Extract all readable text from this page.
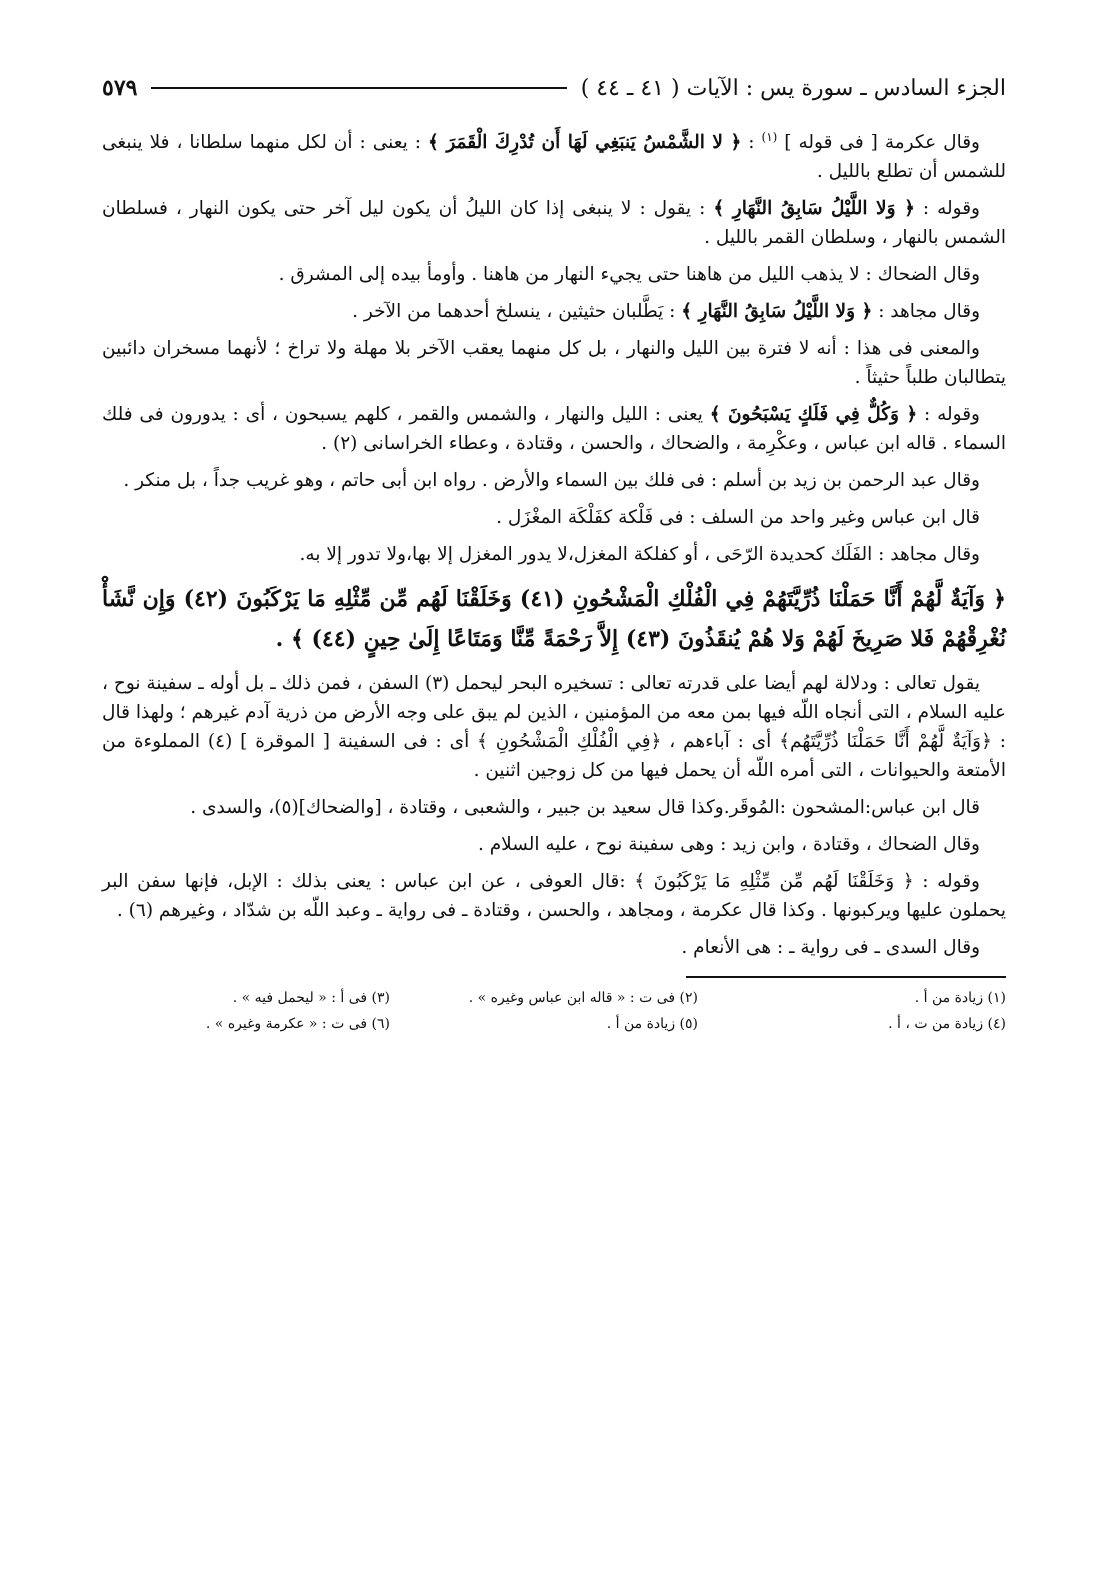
الجزء السادس ـ سورة يس : الآيات ( ٤١ ـ ٤٤ )
٥٧٩

وقال عكرمة [ فى قوله ] $^{(١)}$ : ﴿ لا الشَّمْسُ يَنبَغِي لَهَا أَن تُدْرِكَ الْقَمَرَ ﴾ : يعنى : أن لكل منهما سلطانا ، فلا ينبغى للشمس أن تطلع بالليل .

وقوله : ﴿ وَلا اللَّيْلُ سَابِقُ النَّهَارِ ﴾ : يقول : لا ينبغى إذا كان الليلُ أن يكون ليل آخر حتى يكون النهار ، فسلطان الشمس بالنهار ، وسلطان القمر بالليل .

وقال الضحاك : لا يذهب الليل من هاهنا حتى يجيء النهار من هاهنا . وأومأ بيده إلى المشرق .

وقال مجاهد : ﴿ وَلا اللَّيْلُ سَابِقُ النَّهَارِ ﴾ : يَطَّلبان حثيثين ، ينسلخ أحدهما من الآخر .

والمعنى فى هذا : أنه لا فترة بين الليل والنهار ، بل كل منهما يعقب الآخر بلا مهلة ولا تراخ ؛ لأنهما مسخران دائبين يتطالبان طلباً حثيثاً .

وقوله : ﴿ وَكُلٌّ فِي فَلَكٍ يَسْبَحُونَ ﴾ يعنى : الليل والنهار ، والشمس والقمر ، كلهم يسبحون ، أى : يدورون فى فلك السماء . قاله ابن عباس ، وعكْرِمة ، والضحاك ، والحسن ، وقتادة ، وعطاء الخراسانى (٢) .

وقال عبد الرحمن بن زيد بن أسلم : فى فلك بين السماء والأرض . رواه ابن أبى حاتم ، وهو غريب جداً ، بل منكر .

قال ابن عباس وغير واحد من السلف : فى فَلْكة كفَلْكَة المغْزَل .

وقال مجاهد : الفَلَك كحديدة الرّحَى ، أو كفلكة المغزل،لا يدور المغزل إلا بها،ولا تدور إلا به.

﴿ وَآيَةٌ لَّهُمْ أَنَّا حَمَلْنَا ذُرِّيَّتَهُمْ فِي الْفُلْكِ الْمَشْحُونِ (٤١) وَخَلَقْنَا لَهُم مِّن مِّثْلِهِ مَا يَرْكَبُونَ (٤٢) وَإِن نَّشَأْ نُغْرِقْهُمْ فَلا صَرِيخَ لَهُمْ وَلا هُمْ يُنقَذُونَ (٤٣) إِلاَّ رَحْمَةً مِّنَّا وَمَتَاعًا إِلَىٰ حِينٍ (٤٤) ﴾ .

يقول تعالى : ودلالة لهم أيضا على قدرته تعالى : تسخيره البحر ليحمل (٣) السفن ، فمن ذلك ـ بل أوله ـ سفينة نوح ، عليه السلام ، التى أنجاه اللّه فيها بمن معه من المؤمنين ، الذين لم يبق على وجه الأرض من ذرية آدم غيرهم ؛ ولهذا قال : ﴿وَآيَةٌ لَّهُمْ أَنَّا حَمَلْنَا ذُرِّيَّتَهُم﴾ أى : آباءهم ، ﴿فِي الْفُلْكِ الْمَشْحُونِ ﴾ أى : فى السفينة [ الموقرة ] (٤) المملوءة من الأمتعة والحيوانات ، التى أمره اللّه أن يحمل فيها من كل زوجين اثنين .

قال ابن عباس:المشحون :المُوقَر.وكذا قال سعيد بن جبير ، والشعبى ، وقتادة ، [والضحاك](٥)، والسدى .

وقال الضحاك ، وقتادة ، وابن زيد : وهى سفينة نوح ، عليه السلام .

وقوله : ﴿ وَخَلَقْنَا لَهُم مِّن مِّثْلِهِ مَا يَرْكَبُونَ ﴾ :قال العوفى ، عن ابن عباس : يعنى بذلك : الإبل، فإنها سفن البر يحملون عليها ويركبونها . وكذا قال عكرمة ، ومجاهد ، والحسن ، وقتادة ـ فى رواية ـ وعبد اللّه بن شدّاد ، وغيرهم (٦) .

وقال السدى ـ فى رواية ـ : هى الأنعام .

(١) زيادة من أ .
(٢) فى ت : « قاله ابن عباس وغيره » .
(٣) فى أ : « ليحمل فيه » .
(٤) زيادة من ت ، أ .
(٥) زيادة من أ .
(٦) فى ت : « عكرمة وغيره » .
